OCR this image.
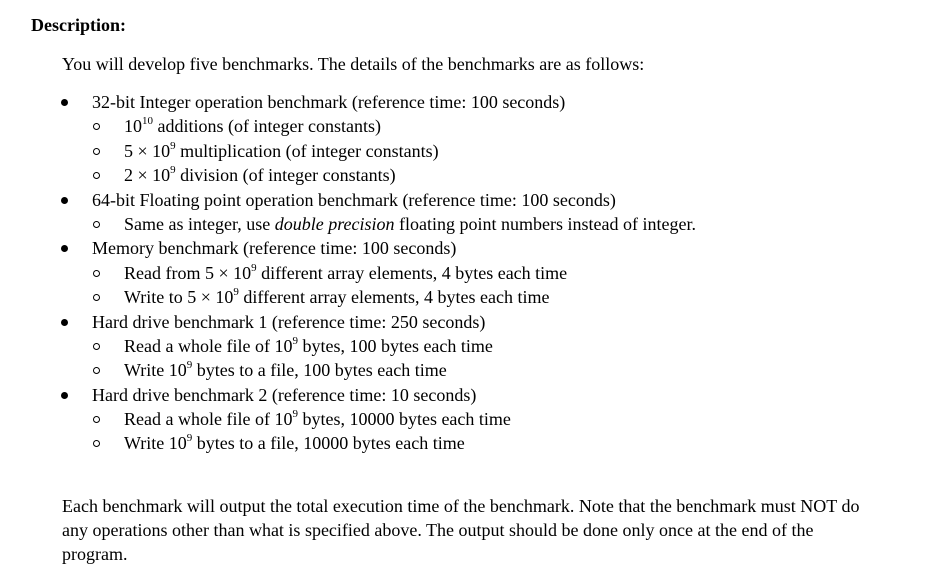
Description:
You will develop five benchmarks. The details of the benchmarks are as follows:
32-bit Integer operation benchmark (reference time: 100 seconds)
$10^{10}$ additions (of integer constants)
$5 \times 10^9$ multiplication (of integer constants)
$2 \times 10^9$ division (of integer constants)
64-bit Floating point operation benchmark (reference time: 100 seconds)
Same as integer, use double precision floating point numbers instead of integer.
Memory benchmark (reference time: 100 seconds)
Read from $5 \times 10^9$ different array elements, 4 bytes each time
Write to $5 \times 10^9$ different array elements, 4 bytes each time
Hard drive benchmark 1 (reference time: 250 seconds)
Read a whole file of $10^9$ bytes, 100 bytes each time
Write $10^9$ bytes to a file, 100 bytes each time
Hard drive benchmark 2 (reference time: 10 seconds)
Read a whole file of $10^9$ bytes, 10000 bytes each time
Write $10^9$ bytes to a file, 10000 bytes each time
Each benchmark will output the total execution time of the benchmark. Note that the benchmark must NOT do any operations other than what is specified above. The output should be done only once at the end of the program.
